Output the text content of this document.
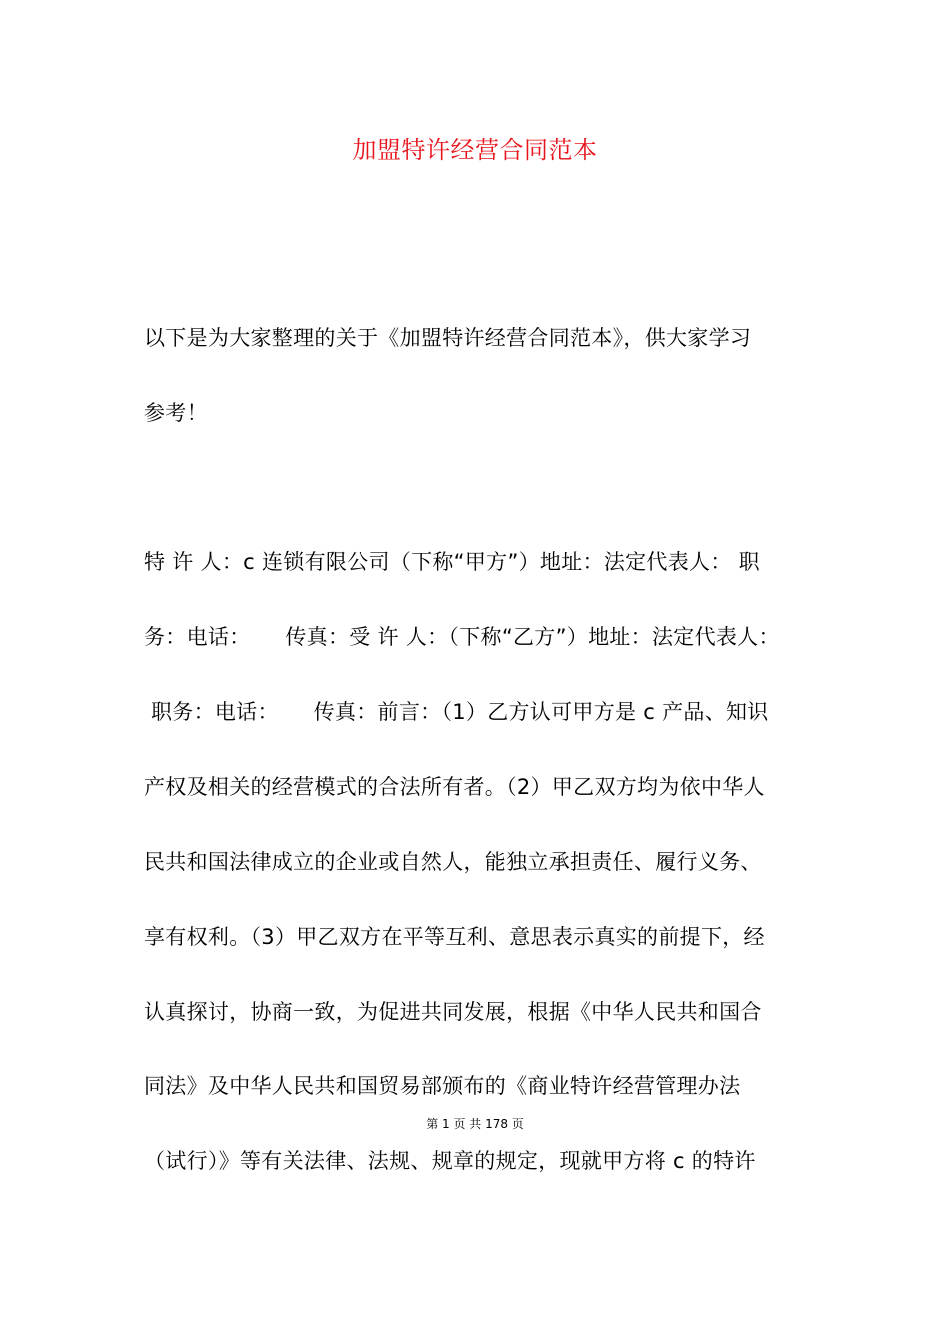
加盟特许经营合同范本
以下是为大家整理的关于《加盟特许经营合同范本》，供大家学习
参考！
特 许 人：c 连锁有限公司（下称“甲方”）地址：法定代表人： 职
务：电话：     传真：受 许 人：（下称“乙方”）地址：法定代表人：
职务：电话：     传真：前言：（1）乙方认可甲方是 c 产品、知识
产权及相关的经营模式的合法所有者。（2）甲乙双方均为依中华人
民共和国法律成立的企业或自然人，能独立承担责任、履行义务、
享有权利。（3）甲乙双方在平等互利、意思表示真实的前提下，经
认真探讨，协商一致，为促进共同发展，根据《中华人民共和国合
同法》及中华人民共和国贸易部颁布的《商业特许经营管理办法
第 1 页 共 178 页
（试行）》等有关法律、法规、规章的规定，现就甲方将 c 的特许
